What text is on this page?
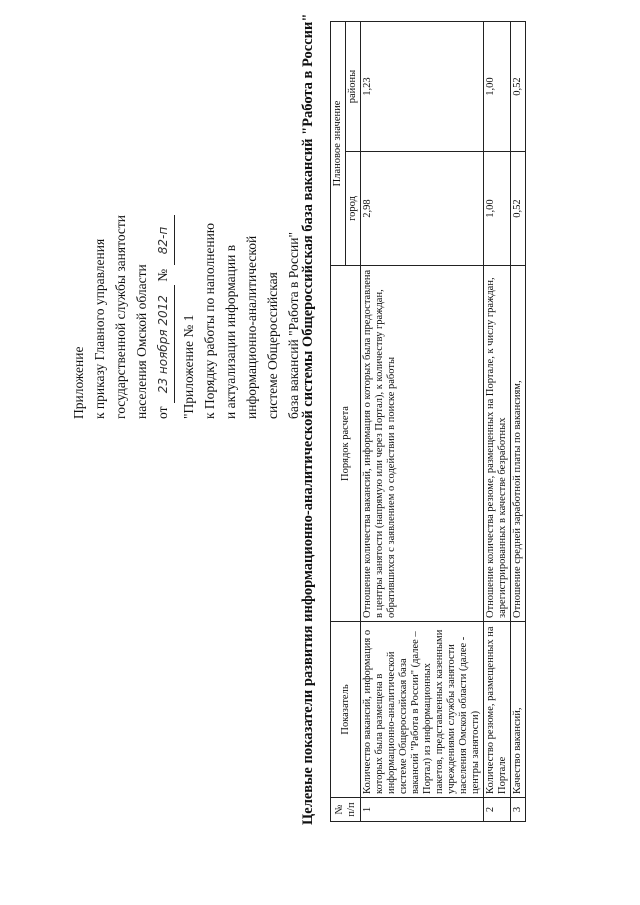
Приложение к приказу Главного управления государственной службы занятости населения Омской области от 23 ноября 2012 № 82-п
"Приложение № 1 к Порядку работы по наполнению и актуализации информации в информационно-аналитической системе Общероссийская база вакансий "Работа в России" Целевые показатели развития информационно-аналитической системы Общероссийская база вакансий "Работа в России" № п/п	Показатель	Порядок расчета	Плановое значение	
			город	районы
1	Количество вакансий, информация о которых была размещена в информационно-аналитической системе Общероссийская база вакансий "Работа в России" (далее – Портал) из информационных пакетов, представленных казенными учреждениями службы занятости населения Омской области (далее - центры занятости)	Отношение количества вакансий, информация о которых была предоставлена в центры занятости (напрямую или через Портал), к количеству граждан, обратившихся с заявлением о содействии в поиске работы	2,98	1,23
2	Количество резюме, размещенных на Портале	Отношение количества резюме, размещенных на Портале, к числу граждан, зарегистрированных в качестве безработных	1,00	1,00
3	Качество вакансий,	Отношение средней заработной платы по вакансиям,	0,52	0,52
